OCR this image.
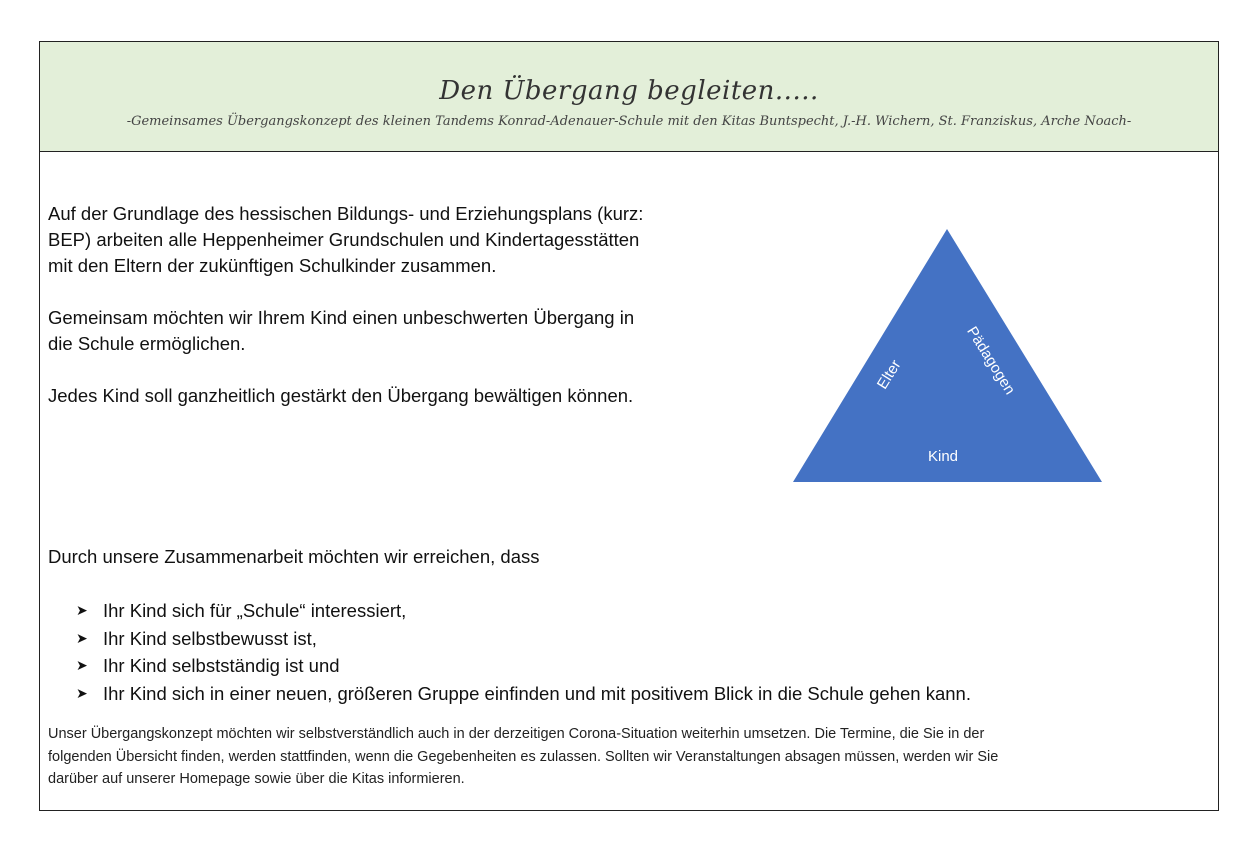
Den Übergang begleiten.....
-Gemeinsames Übergangskonzept des kleinen Tandems Konrad-Adenauer-Schule mit den Kitas Buntspecht, J.-H. Wichern, St. Franziskus, Arche Noach-

Auf der Grundlage des hessischen Bildungs- und Erziehungsplans (kurz:
BEP) arbeiten alle Heppenheimer Grundschulen und Kindertagesstätten
mit den Eltern der zukünftigen Schulkinder zusammen.

Gemeinsam möchten wir Ihrem Kind einen unbeschwerten Übergang in
die Schule ermöglichen.

Jedes Kind soll ganzheitlich gestärkt den Übergang bewältigen können.

Elter	Pädagogen
Kind

Durch unsere Zusammenarbeit möchten wir erreichen, dass

➤ Ihr Kind sich für „Schule“ interessiert,
➤ Ihr Kind selbstbewusst ist,
➤ Ihr Kind selbstständig ist und
➤ Ihr Kind sich in einer neuen, größeren Gruppe einfinden und mit positivem Blick in die Schule gehen kann.

Unser Übergangskonzept möchten wir selbstverständlich auch in der derzeitigen Corona-Situation weiterhin umsetzen. Die Termine, die Sie in der
folgenden Übersicht finden, werden stattfinden, wenn die Gegebenheiten es zulassen. Sollten wir Veranstaltungen absagen müssen, werden wir Sie
darüber auf unserer Homepage sowie über die Kitas informieren.
